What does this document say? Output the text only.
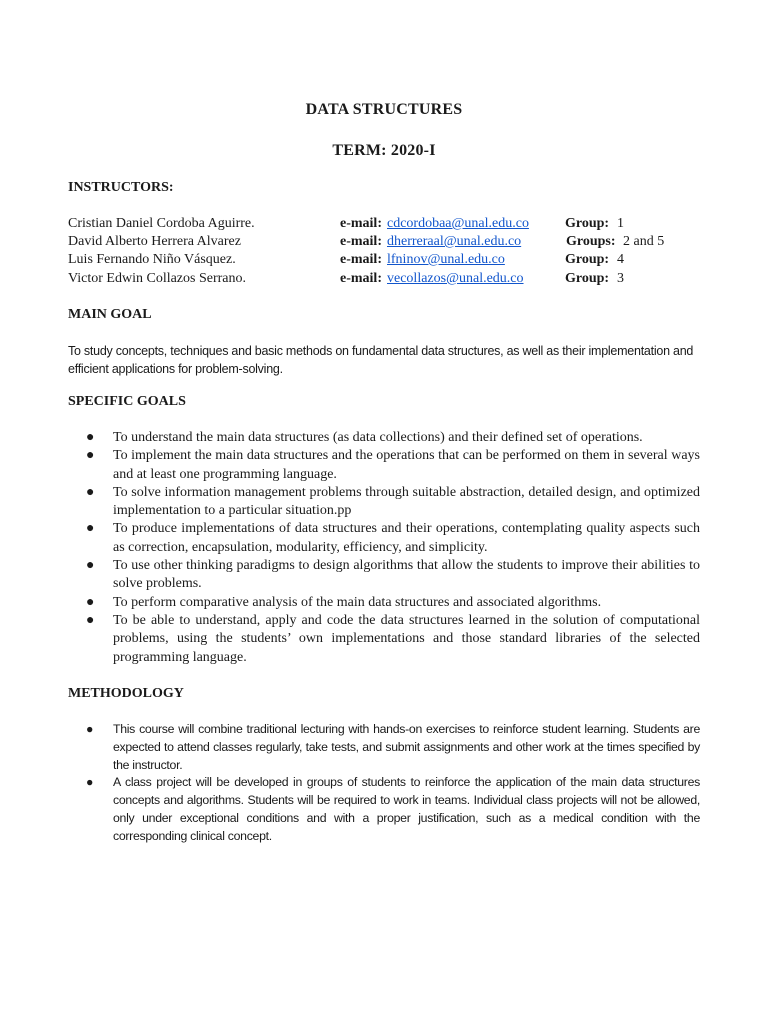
DATA STRUCTURES
TERM: 2020-I
INSTRUCTORS:
Cristian Daniel Cordoba Aguirre.	e-mail: cdcordobaa@unal.edu.co	Group: 1
David Alberto Herrera Alvarez	e-mail: dherreraal@unal.edu.co	Groups: 2 and 5
Luis Fernando Niño Vásquez.	e-mail: lfninov@unal.edu.co	Group: 4
Victor Edwin Collazos Serrano.	e-mail: vecollazos@unal.edu.co	Group: 3
MAIN GOAL
To study concepts, techniques and basic methods on fundamental data structures, as well as their implementation and efficient applications for problem-solving.
SPECIFIC GOALS
● To understand the main data structures (as data collections) and their defined set of operations.
● To implement the main data structures and the operations that can be performed on them in several ways and at least one programming language.
● To solve information management problems through suitable abstraction, detailed design, and optimized implementation to a particular situation.pp
● To produce implementations of data structures and their operations, contemplating quality aspects such as correction, encapsulation, modularity, efficiency, and simplicity.
● To use other thinking paradigms to design algorithms that allow the students to improve their abilities to solve problems.
● To perform comparative analysis of the main data structures and associated algorithms.
● To be able to understand, apply and code the data structures learned in the solution of computational problems, using the students’ own implementations and those standard libraries of the selected programming language.
METHODOLOGY
● This course will combine traditional lecturing with hands-on exercises to reinforce student learning. Students are expected to attend classes regularly, take tests, and submit assignments and other work at the times specified by the instructor.
● A class project will be developed in groups of students to reinforce the application of the main data structures concepts and algorithms. Students will be required to work in teams. Individual class projects will not be allowed, only under exceptional conditions and with a proper justification, such as a medical condition with the corresponding clinical concept.
